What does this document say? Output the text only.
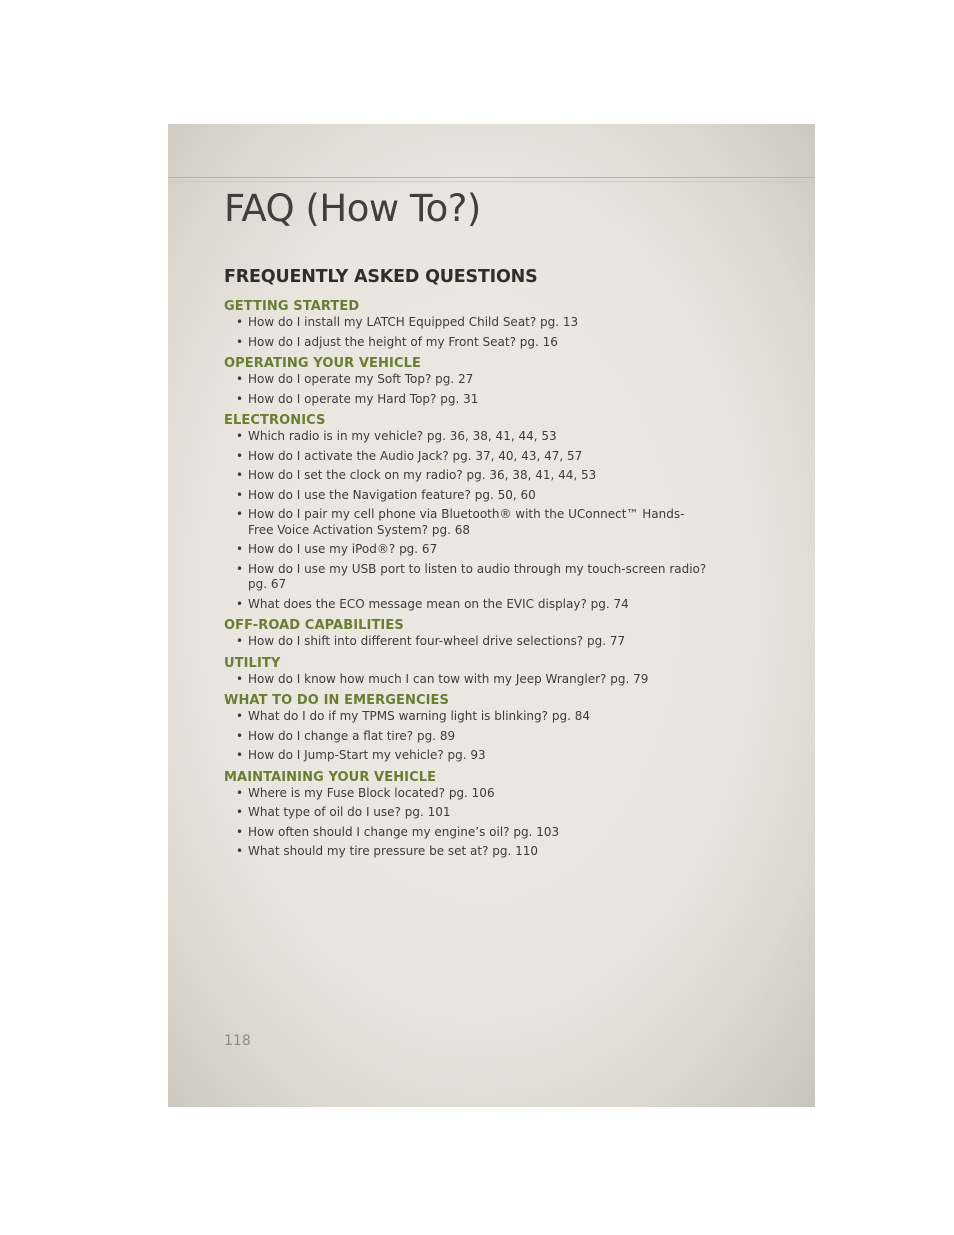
FAQ (How To?)
FREQUENTLY ASKED QUESTIONS
GETTING STARTED
• How do I install my LATCH Equipped Child Seat? pg. 13
• How do I adjust the height of my Front Seat? pg. 16
OPERATING YOUR VEHICLE
• How do I operate my Soft Top? pg. 27
• How do I operate my Hard Top? pg. 31
ELECTRONICS
• Which radio is in my vehicle? pg. 36, 38, 41, 44, 53
• How do I activate the Audio Jack? pg. 37, 40, 43, 47, 57
• How do I set the clock on my radio? pg. 36, 38, 41, 44, 53
• How do I use the Navigation feature? pg. 50, 60
• How do I pair my cell phone via Bluetooth® with the UConnect™ Hands-Free Voice Activation System? pg. 68
• How do I use my iPod®? pg. 67
• How do I use my USB port to listen to audio through my touch-screen radio? pg. 67
• What does the ECO message mean on the EVIC display? pg. 74
OFF-ROAD CAPABILITIES
• How do I shift into different four-wheel drive selections? pg. 77
UTILITY
• How do I know how much I can tow with my Jeep Wrangler? pg. 79
WHAT TO DO IN EMERGENCIES
• What do I do if my TPMS warning light is blinking? pg. 84
• How do I change a flat tire? pg. 89
• How do I Jump-Start my vehicle? pg. 93
MAINTAINING YOUR VEHICLE
• Where is my Fuse Block located? pg. 106
• What type of oil do I use? pg. 101
• How often should I change my engine’s oil? pg. 103
• What should my tire pressure be set at? pg. 110
118
